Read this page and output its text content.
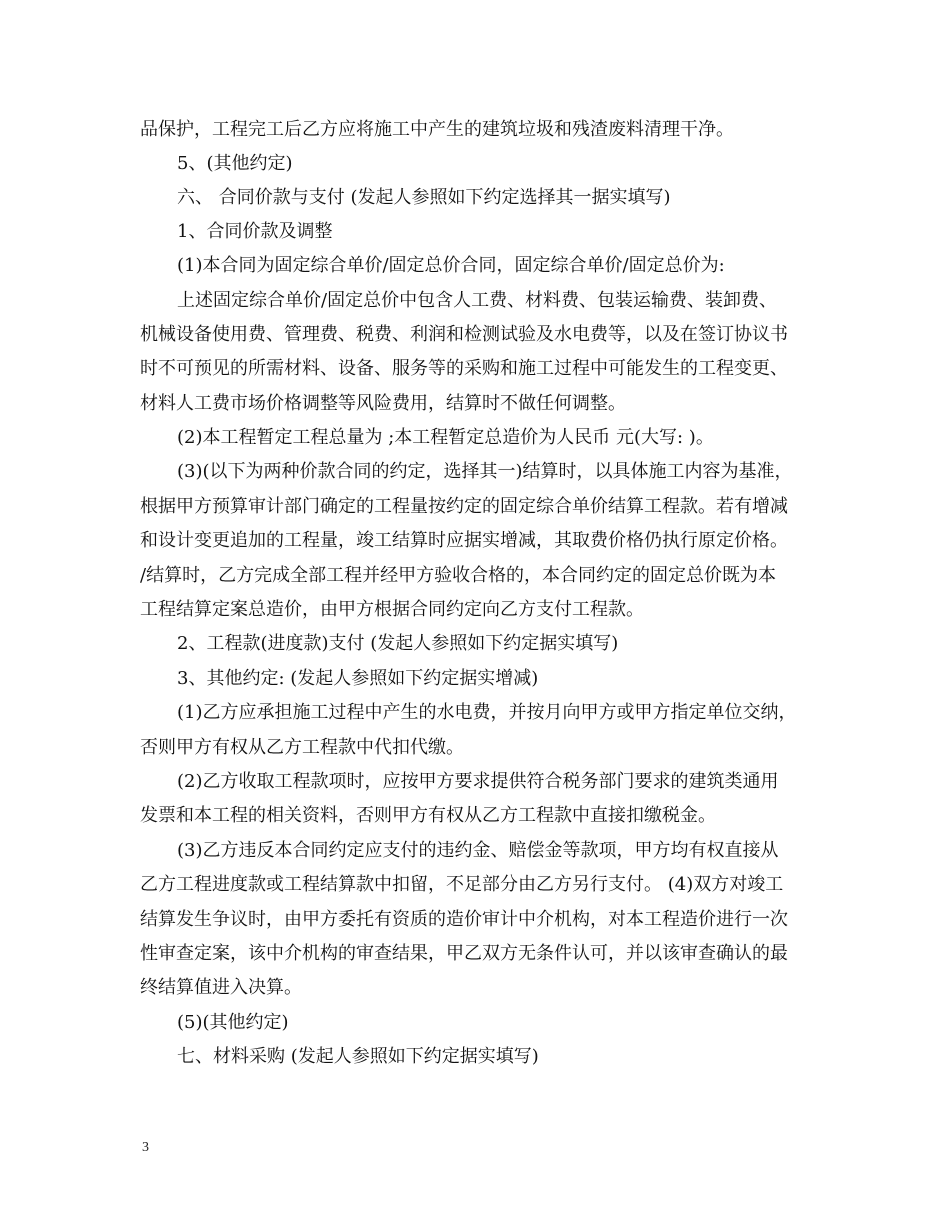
品保护，工程完工后乙方应将施工中产生的建筑垃圾和残渣废料清理干净。
5、(其他约定)
六、 合同价款与支付 (发起人参照如下约定选择其一据实填写)
1、合同价款及调整
(1)本合同为固定综合单价/固定总价合同，固定综合单价/固定总价为:
上述固定综合单价/固定总价中包含人工费、材料费、包装运输费、装卸费、
机械设备使用费、管理费、税费、利润和检测试验及水电费等，以及在签订协议书
时不可预见的所需材料、设备、服务等的采购和施工过程中可能发生的工程变更、
材料人工费市场价格调整等风险费用，结算时不做任何调整。
(2)本工程暂定工程总量为 ;本工程暂定总造价为人民币 元(大写: )。
(3)(以下为两种价款合同的约定，选择其一)结算时，以具体施工内容为基准，
根据甲方预算审计部门确定的工程量按约定的固定综合单价结算工程款。若有增减
和设计变更追加的工程量，竣工结算时应据实增减，其取费价格仍执行原定价格。
/结算时，乙方完成全部工程并经甲方验收合格的，本合同约定的固定总价既为本
工程结算定案总造价，由甲方根据合同约定向乙方支付工程款。
2、工程款(进度款)支付 (发起人参照如下约定据实填写)
3、其他约定: (发起人参照如下约定据实增减)
(1)乙方应承担施工过程中产生的水电费，并按月向甲方或甲方指定单位交纳，
否则甲方有权从乙方工程款中代扣代缴。
(2)乙方收取工程款项时，应按甲方要求提供符合税务部门要求的建筑类通用
发票和本工程的相关资料，否则甲方有权从乙方工程款中直接扣缴税金。
(3)乙方违反本合同约定应支付的违约金、赔偿金等款项，甲方均有权直接从
乙方工程进度款或工程结算款中扣留，不足部分由乙方另行支付。 (4)双方对竣工
结算发生争议时，由甲方委托有资质的造价审计中介机构，对本工程造价进行一次
性审查定案，该中介机构的审查结果，甲乙双方无条件认可，并以该审查确认的最
终结算值进入决算。
(5)(其他约定)
七、材料采购 (发起人参照如下约定据实填写)
3
